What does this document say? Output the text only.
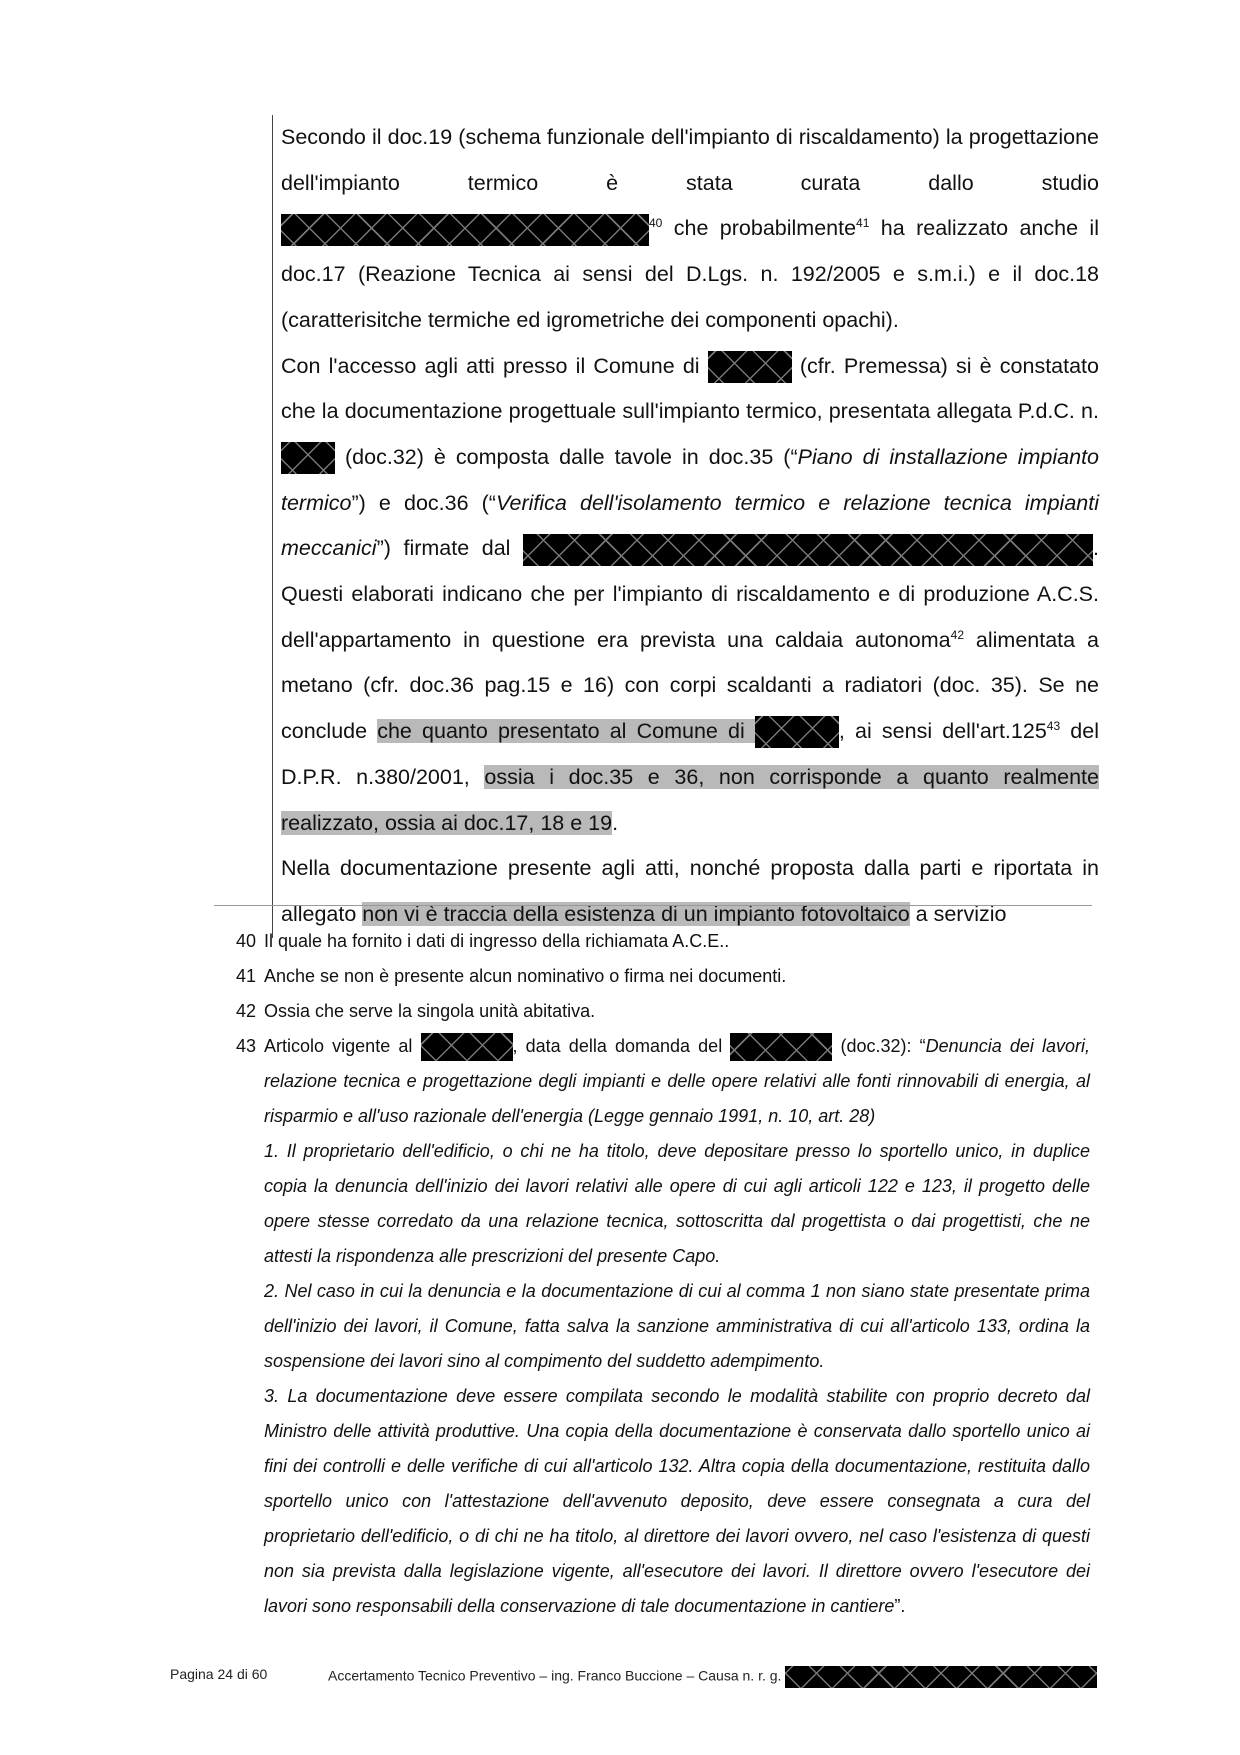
Secondo il doc.19 (schema funzionale dell'impianto di riscaldamento) la progettazione dell'impianto termico è stata curata dallo studio $^{40}$ che probabilmente$^{41}$ ha realizzato anche il doc.17 (Reazione Tecnica ai sensi del D.Lgs. n. 192/2005 e s.m.i.) e il doc.18 (caratterisitche termiche ed igrometriche dei componenti opachi).

Con l'accesso agli atti presso il Comune di	(cfr. Premessa) si è constatato che la documentazione progettuale sull'impianto termico, presentata allegata P.d.C. n. (doc.32) è composta dalle tavole in doc.35 (“Piano di installazione impianto termico”) e doc.36 (“Verifica dell'isolamento termico e relazione tecnica impianti meccanici”) firmate dal	. Questi elaborati indicano che per l'impianto di riscaldamento e di produzione A.C.S. dell'appartamento in questione era prevista una caldaia autonoma$^{42}$ alimentata a metano (cfr. doc.36 pag.15 e 16) con corpi scaldanti a radiatori (doc. 35). Se ne conclude che quanto presentato al Comune di	, ai sensi dell'art.125$^{43}$ del D.P.R. n.380/2001, ossia i doc.35 e 36, non corrisponde a quanto realmente realizzato, ossia ai doc.17, 18 e 19.

Nella documentazione presente agli atti, nonché proposta dalla parti e riportata in allegato non vi è traccia della esistenza di un impianto fotovoltaico a servizio

40 Il quale ha fornito i dati di ingresso della richiamata A.C.E..
41 Anche se non è presente alcun nominativo o firma nei documenti.
42 Ossia che serve la singola unità abitativa.
43 Articolo vigente al	, data della domanda del	(doc.32): “Denuncia dei lavori, relazione tecnica e progettazione degli impianti e delle opere relativi alle fonti rinnovabili di energia, al risparmio e all'uso razionale dell'energia (Legge gennaio 1991, n. 10, art. 28)

1. Il proprietario dell'edificio, o chi ne ha titolo, deve depositare presso lo sportello unico, in duplice copia la denuncia dell'inizio dei lavori relativi alle opere di cui agli articoli 122 e 123, il progetto delle opere stesse corredato da una relazione tecnica, sottoscritta dal progettista o dai progettisti, che ne attesti la rispondenza alle prescrizioni del presente Capo.

2. Nel caso in cui la denuncia e la documentazione di cui al comma 1 non siano state presentate prima dell'inizio dei lavori, il Comune, fatta salva la sanzione amministrativa di cui all'articolo 133, ordina la sospensione dei lavori sino al compimento del suddetto adempimento.

3. La documentazione deve essere compilata secondo le modalità stabilite con proprio decreto dal Ministro delle attività produttive. Una copia della documentazione è conservata dallo sportello unico ai fini dei controlli e delle verifiche di cui all'articolo 132. Altra copia della documentazione, restituita dallo sportello unico con l'attestazione dell'avvenuto deposito, deve essere consegnata a cura del proprietario dell'edificio, o di chi ne ha titolo, al direttore dei lavori ovvero, nel caso l'esistenza di questi non sia prevista dalla legislazione vigente, all'esecutore dei lavori. Il direttore ovvero l'esecutore dei lavori sono responsabili della conservazione di tale documentazione in cantiere”.

Pagina 24 di 60	Accertamento Tecnico Preventivo – ing. Franco Buccione – Causa n. r. g.
